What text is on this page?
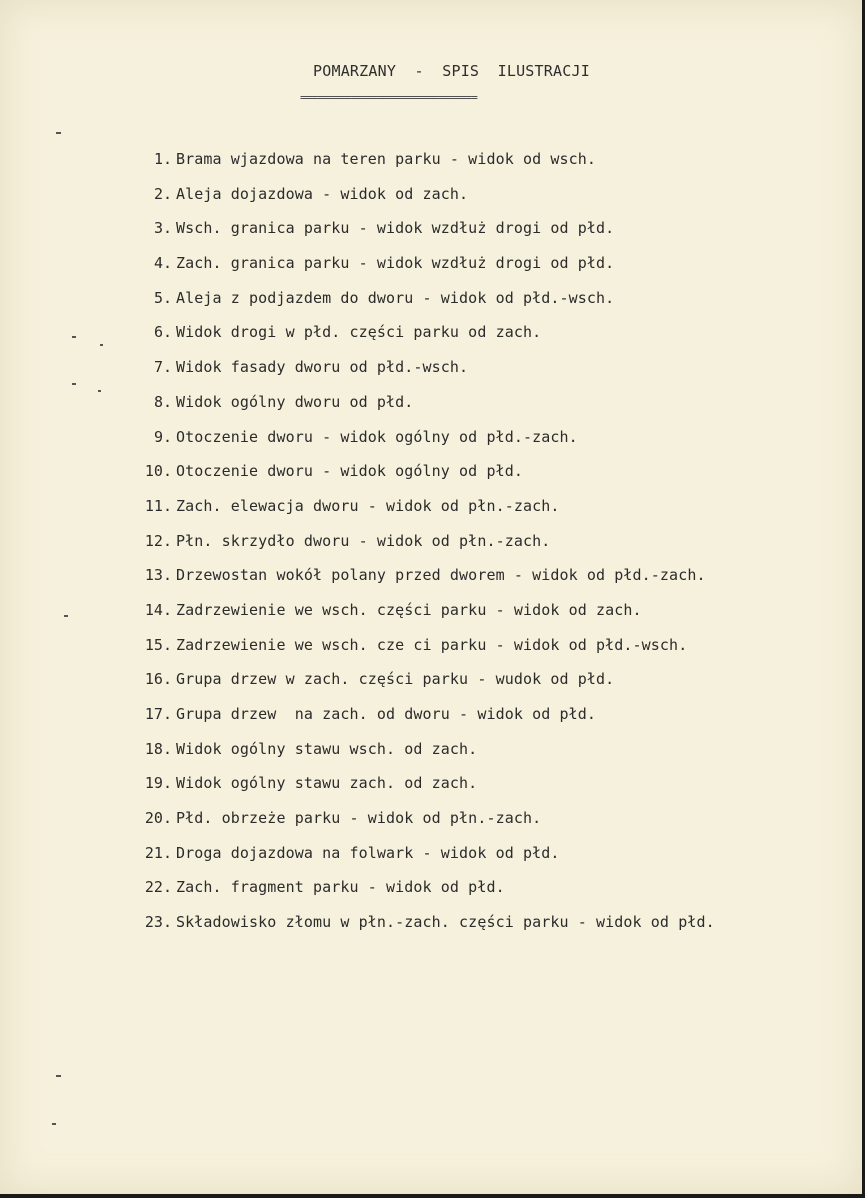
POMARZANY  -  SPIS  ILUSTRACJI
================================
1. Brama wjazdowa na teren parku - widok od wsch.
2. Aleja dojazdowa - widok od zach.
3. Wsch. granica parku - widok wzdłuż drogi od płd.
4. Zach. granica parku - widok wzdłuż drogi od płd.
5. Aleja z podjazdem do dworu - widok od płd.-wsch.
6. Widok drogi w płd. części parku od zach.
7. Widok fasady dworu od płd.-wsch.
8. Widok ogólny dworu od płd.
9. Otoczenie dworu - widok ogólny od płd.-zach.
10. Otoczenie dworu - widok ogólny od płd.
11. Zach. elewacja dworu - widok od płn.-zach.
12. Płn. skrzydło dworu - widok od płn.-zach.
13. Drzewostan wokół polany przed dworem - widok od płd.-zach.
14. Zadrzewienie we wsch. części parku - widok od zach.
15. Zadrzewienie we wsch. cze ci parku - widok od płd.-wsch.
16. Grupa drzew w zach. części parku - wudok od płd.
17. Grupa drzew  na zach. od dworu - widok od płd.
18. Widok ogólny stawu wsch. od zach.
19. Widok ogólny stawu zach. od zach.
20. Płd. obrzeże parku - widok od płn.-zach.
21. Droga dojazdowa na folwark - widok od płd.
22. Zach. fragment parku - widok od płd.
23. Składowisko złomu w płn.-zach. części parku - widok od płd.
